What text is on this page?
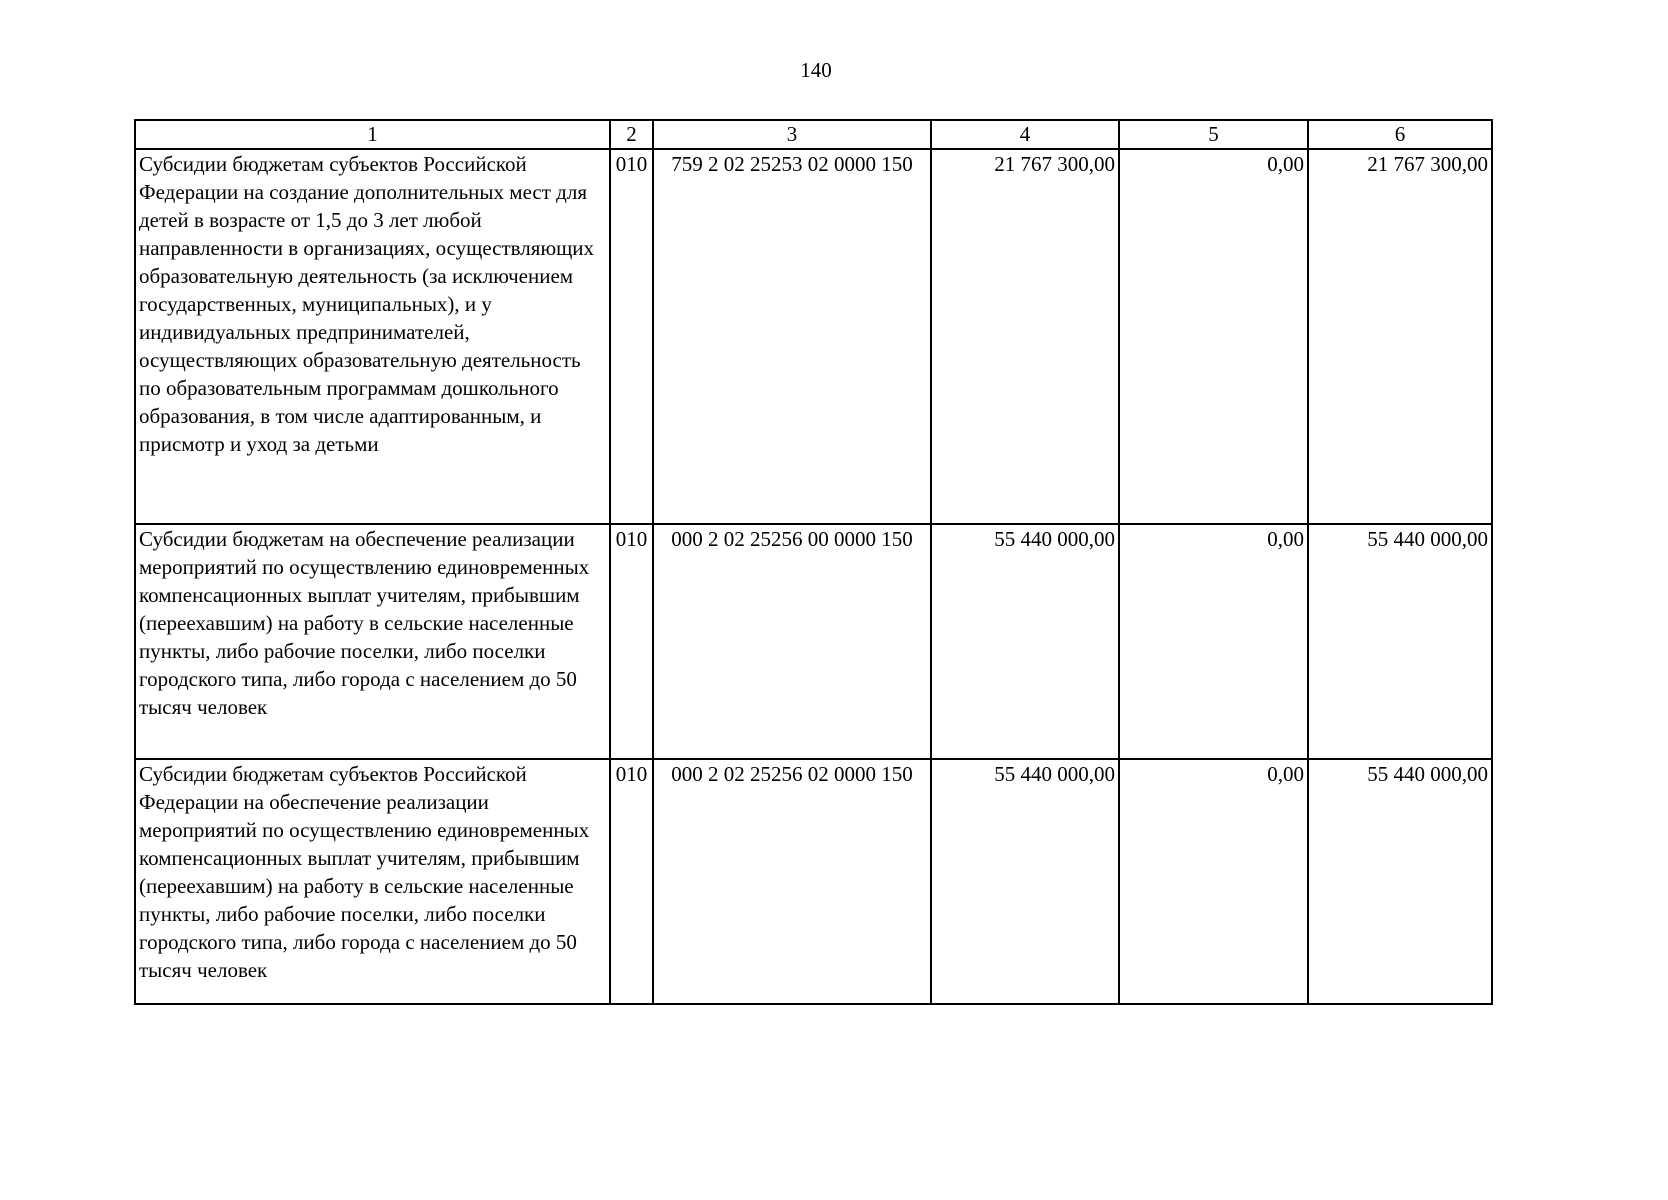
140
1	2	3	4	5	6
Субсидии бюджетам субъектов Российской Федерации на создание дополнительных мест для детей в возрасте от 1,5 до 3 лет любой направленности в организациях, осуществляющих образовательную деятельность (за исключением государственных, муниципальных), и у индивидуальных предпринимателей, осуществляющих образовательную деятельность по образовательным программам дошкольного образования, в том числе адаптированным, и присмотр и уход за детьми	010	759 2 02 25253 02 0000 150	21 767 300,00	0,00	21 767 300,00
Субсидии бюджетам на обеспечение реализации мероприятий по осуществлению единовременных компенсационных выплат учителям, прибывшим (переехавшим) на работу в сельские населенные пункты, либо рабочие поселки, либо поселки городского типа, либо города с населением до 50 тысяч человек	010	000 2 02 25256 00 0000 150	55 440 000,00	0,00	55 440 000,00
Субсидии бюджетам субъектов Российской Федерации на обеспечение реализации мероприятий по осуществлению единовременных компенсационных выплат учителям, прибывшим (переехавшим) на работу в сельские населенные пункты, либо рабочие поселки, либо поселки городского типа, либо города с населением до 50 тысяч человек	010	000 2 02 25256 02 0000 150	55 440 000,00	0,00	55 440 000,00
